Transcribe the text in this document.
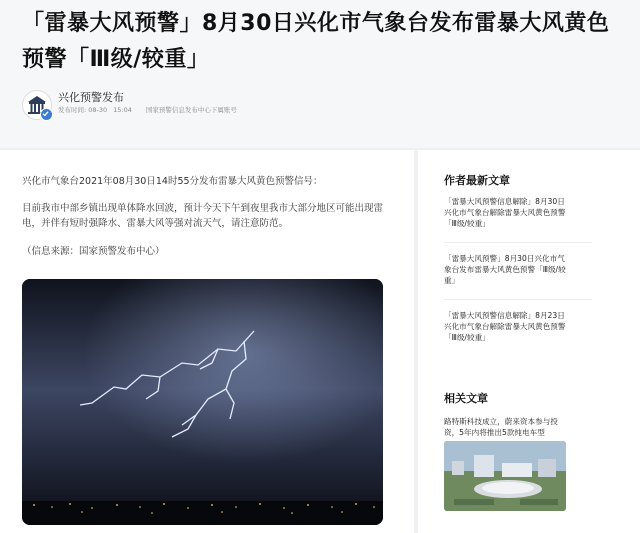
「雷暴大风预警」8月30日兴化市气象台发布雷暴大风黄色预警「Ⅲ级/较重」
兴化预警发布
发布时间: 08-30 15:04 国家预警信息发布中心下属账号
兴化市气象台2021年08月30日14时55分发布雷暴大风黄色预警信号：
目前我市中部乡镇出现单体降水回波，预计今天下午到夜里我市大部分地区可能出现雷电，并伴有短时强降水、雷暴大风等强对流天气，请注意防范。
（信息来源：国家预警发布中心）
作者最新文章
「雷暴大风预警信息解除」8月30日兴化市气象台解除雷暴大风黄色预警「Ⅲ级/较重」
「雷暴大风预警」8月30日兴化市气象台发布雷暴大风黄色预警「Ⅲ级/较重」
「雷暴大风预警信息解除」8月23日兴化市气象台解除雷暴大风黄色预警「Ⅲ级/较重」
相关文章
路特斯科技成立，蔚来资本参与投资，5年内将推出5款纯电车型
